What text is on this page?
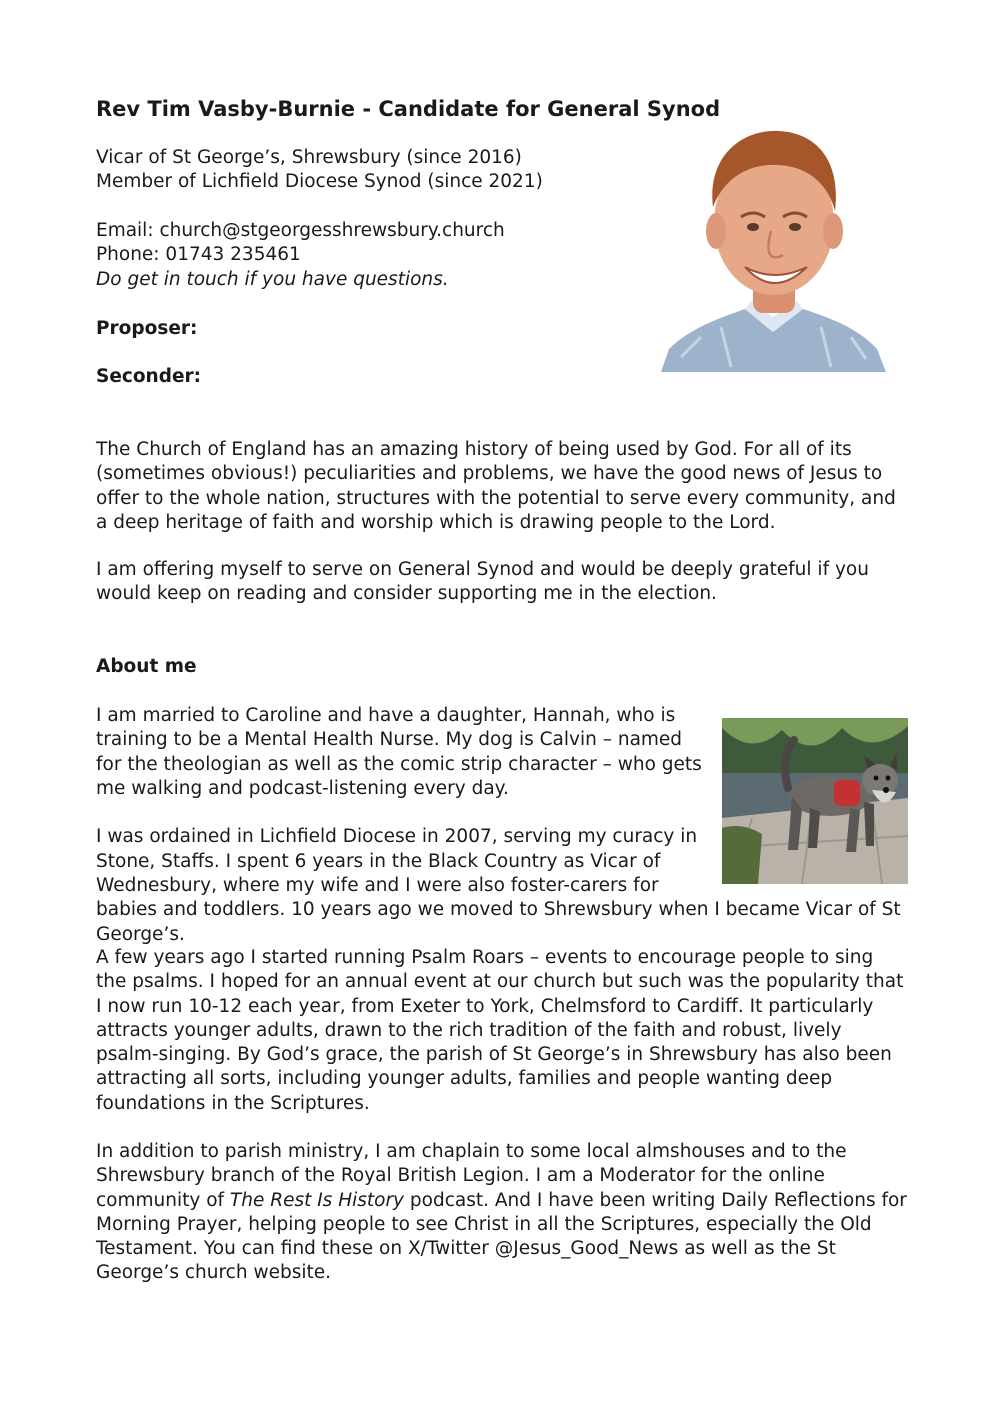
Rev Tim Vasby-Burnie - Candidate for General Synod
Vicar of St George’s, Shrewsbury (since 2016)
Member of Lichfield Diocese Synod (since 2021)
Email: church@stgeorgesshrewsbury.church
Phone: 01743 235461
Do get in touch if you have questions.
Proposer:
Seconder:

The Church of England has an amazing history of being used by God. For all of its (sometimes obvious!) peculiarities and problems, we have the good news of Jesus to offer to the whole nation, structures with the potential to serve every community, and a deep heritage of faith and worship which is drawing people to the Lord.

I am offering myself to serve on General Synod and would be deeply grateful if you would keep on reading and consider supporting me in the election.

About me

I am married to Caroline and have a daughter, Hannah, who is training to be a Mental Health Nurse. My dog is Calvin – named for the theologian as well as the comic strip character – who gets me walking and podcast-listening every day.

I was ordained in Lichfield Diocese in 2007, serving my curacy in Stone, Staffs. I spent 6 years in the Black Country as Vicar of Wednesbury, where my wife and I were also foster-carers for babies and toddlers. 10 years ago we moved to Shrewsbury when I became Vicar of St George’s.

A few years ago I started running Psalm Roars – events to encourage people to sing the psalms. I hoped for an annual event at our church but such was the popularity that I now run 10-12 each year, from Exeter to York, Chelmsford to Cardiff. It particularly attracts younger adults, drawn to the rich tradition of the faith and robust, lively psalm-singing. By God’s grace, the parish of St George’s in Shrewsbury has also been attracting all sorts, including younger adults, families and people wanting deep foundations in the Scriptures.

In addition to parish ministry, I am chaplain to some local almshouses and to the Shrewsbury branch of the Royal British Legion. I am a Moderator for the online community of The Rest Is History podcast. And I have been writing Daily Reflections for Morning Prayer, helping people to see Christ in all the Scriptures, especially the Old Testament. You can find these on X/Twitter @Jesus_Good_News as well as the St George’s church website.
